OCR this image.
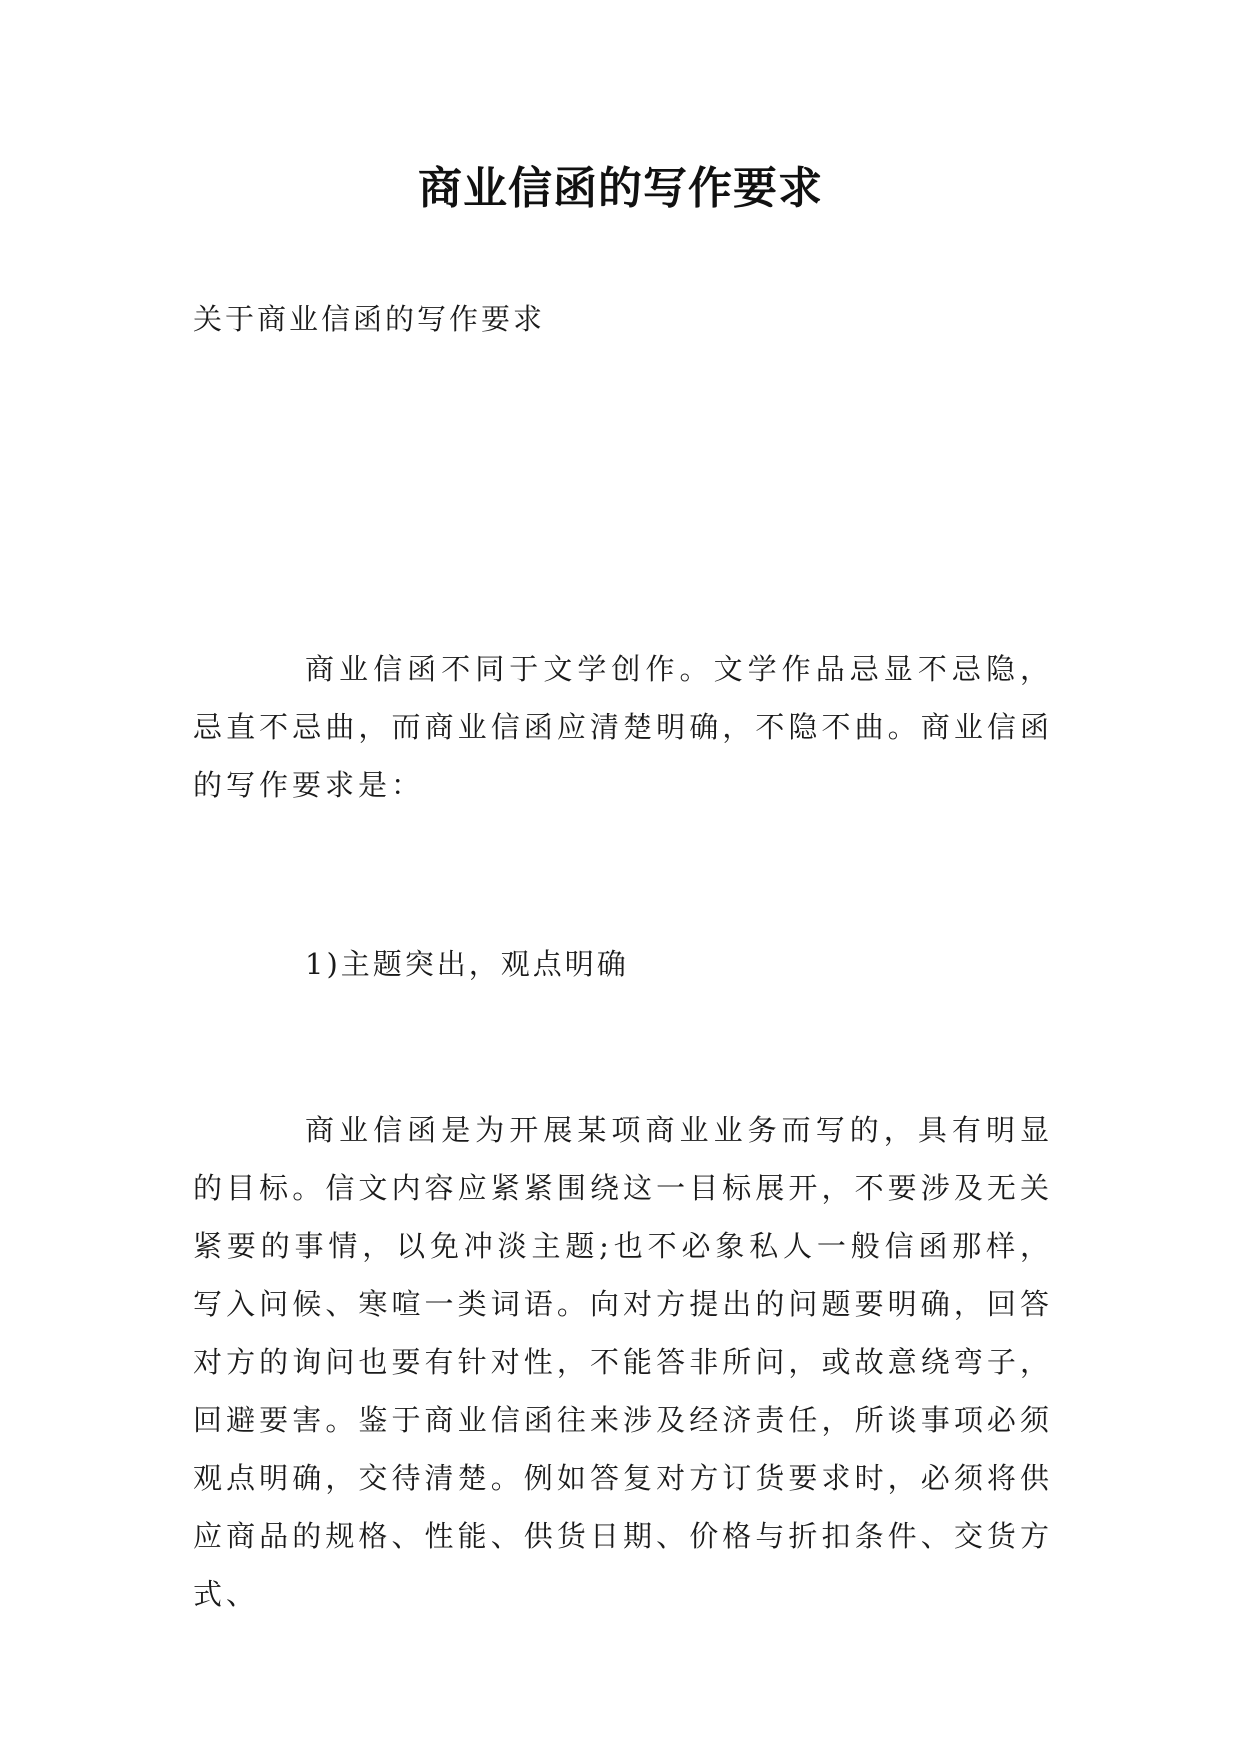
商业信函的写作要求
关于商业信函的写作要求

商业信函不同于文学创作。文学作品忌显不忌隐，忌直不忌曲，而商业信函应清楚明确，不隐不曲。商业信函的写作要求是：

1)主题突出，观点明确

商业信函是为开展某项商业业务而写的，具有明显的目标。信文内容应紧紧围绕这一目标展开，不要涉及无关紧要的事情，以免冲淡主题;也不必象私人一般信函那样，写入问候、寒喧一类词语。向对方提出的问题要明确，回答对方的询问也要有针对性，不能答非所问，或故意绕弯子，回避要害。鉴于商业信函往来涉及经济责任，所谈事项必须观点明确，交待清楚。例如答复对方订货要求时，必须将供应商品的规格、性能、供货日期、价格与折扣条件、交货方式、
